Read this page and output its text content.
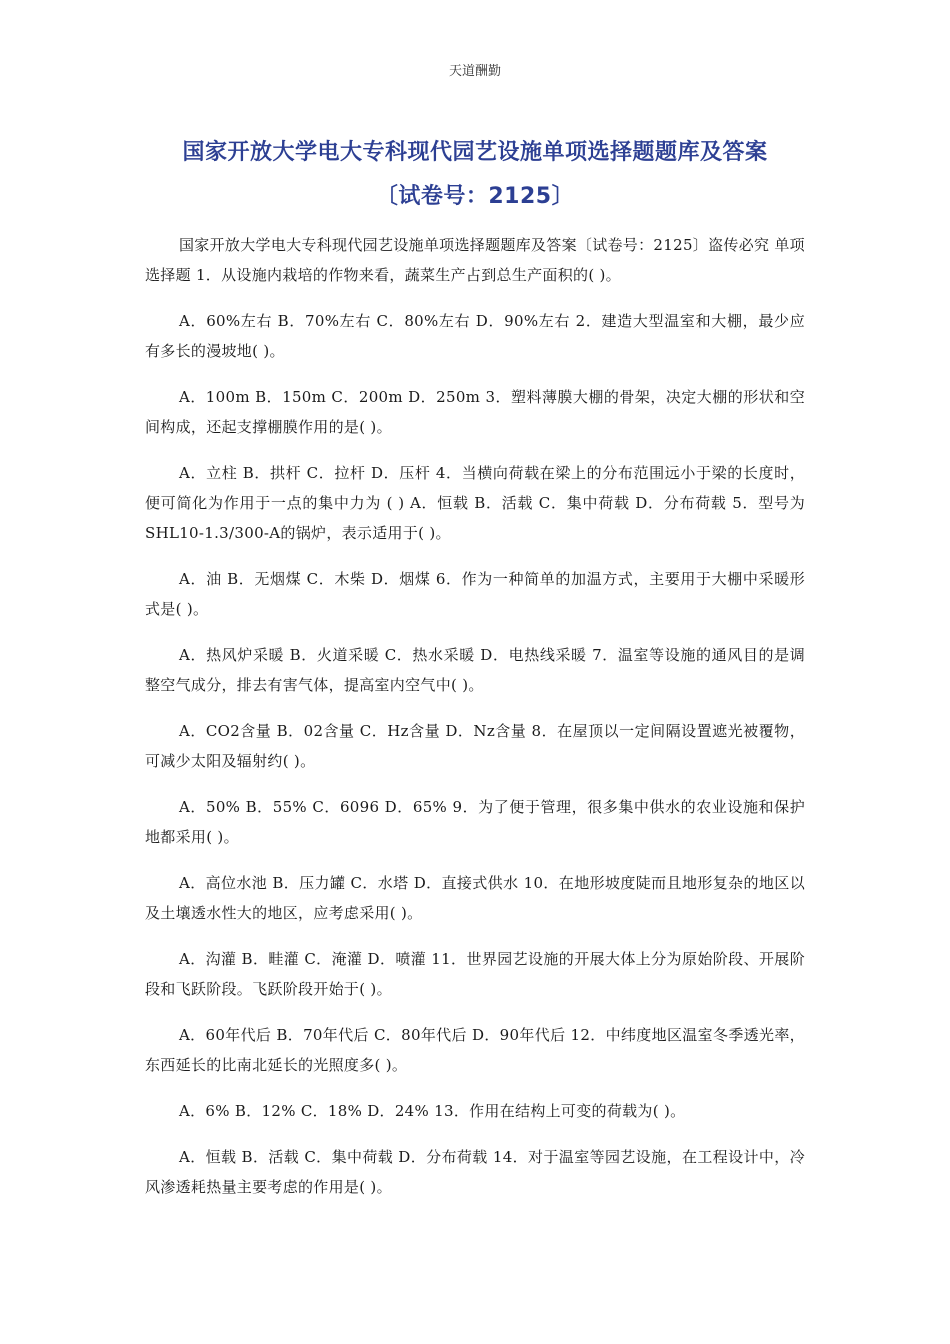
天道酬勤
国家开放大学电大专科现代园艺设施单项选择题题库及答案
〔试卷号：2125〕

国家开放大学电大专科现代园艺设施单项选择题题库及答案〔试卷号：2125〕盗传必究 单项选择题 1．从设施内栽培的作物来看，蔬菜生产占到总生产面积的( )。

A．60%左右 B．70%左右 C．80%左右 D．90%左右 2．建造大型温室和大棚，最少应有多长的漫坡地( )。

A．100m B．150m C．200m D．250m 3．塑料薄膜大棚的骨架，决定大棚的形状和空间构成，还起支撑棚膜作用的是( )。

A．立柱 B．拱杆 C．拉杆 D．压杆 4．当横向荷载在梁上的分布范围远小于梁的长度时，便可简化为作用于一点的集中力为 ( ) A．恒载 B．活载 C．集中荷载 D．分布荷载 5．型号为SHL10-1.3/300-A的锅炉，表示适用于( )。

A．油 B．无烟煤 C．木柴 D．烟煤 6．作为一种简单的加温方式，主要用于大棚中采暖形式是( )。

A．热风炉采暖 B．火道采暖 C．热水采暖 D．电热线采暖 7．温室等设施的通风目的是调整空气成分，排去有害气体，提高室内空气中( )。

A．CO2含量 B．02含量 C．Hz含量 D．Nz含量 8．在屋顶以一定间隔设置遮光被覆物，可减少太阳及辐射约( )。

A．50% B．55% C．6096 D．65% 9．为了便于管理，很多集中供水的农业设施和保护地都采用( )。

A．高位水池 B．压力罐 C．水塔 D．直接式供水 10．在地形坡度陡而且地形复杂的地区以及土壤透水性大的地区，应考虑采用( )。

A．沟灌 B．畦灌 C．淹灌 D．喷灌 11．世界园艺设施的开展大体上分为原始阶段、开展阶段和飞跃阶段。飞跃阶段开始于( )。

A．60年代后 B．70年代后 C．80年代后 D．90年代后 12．中纬度地区温室冬季透光率，东西延长的比南北延长的光照度多( )。

A．6% B．12% C．18% D．24% 13．作用在结构上可变的荷载为( )。

A．恒载 B．活载 C．集中荷载 D．分布荷载 14．对于温室等园艺设施，在工程设计中，冷风渗透耗热量主要考虑的作用是( )。
